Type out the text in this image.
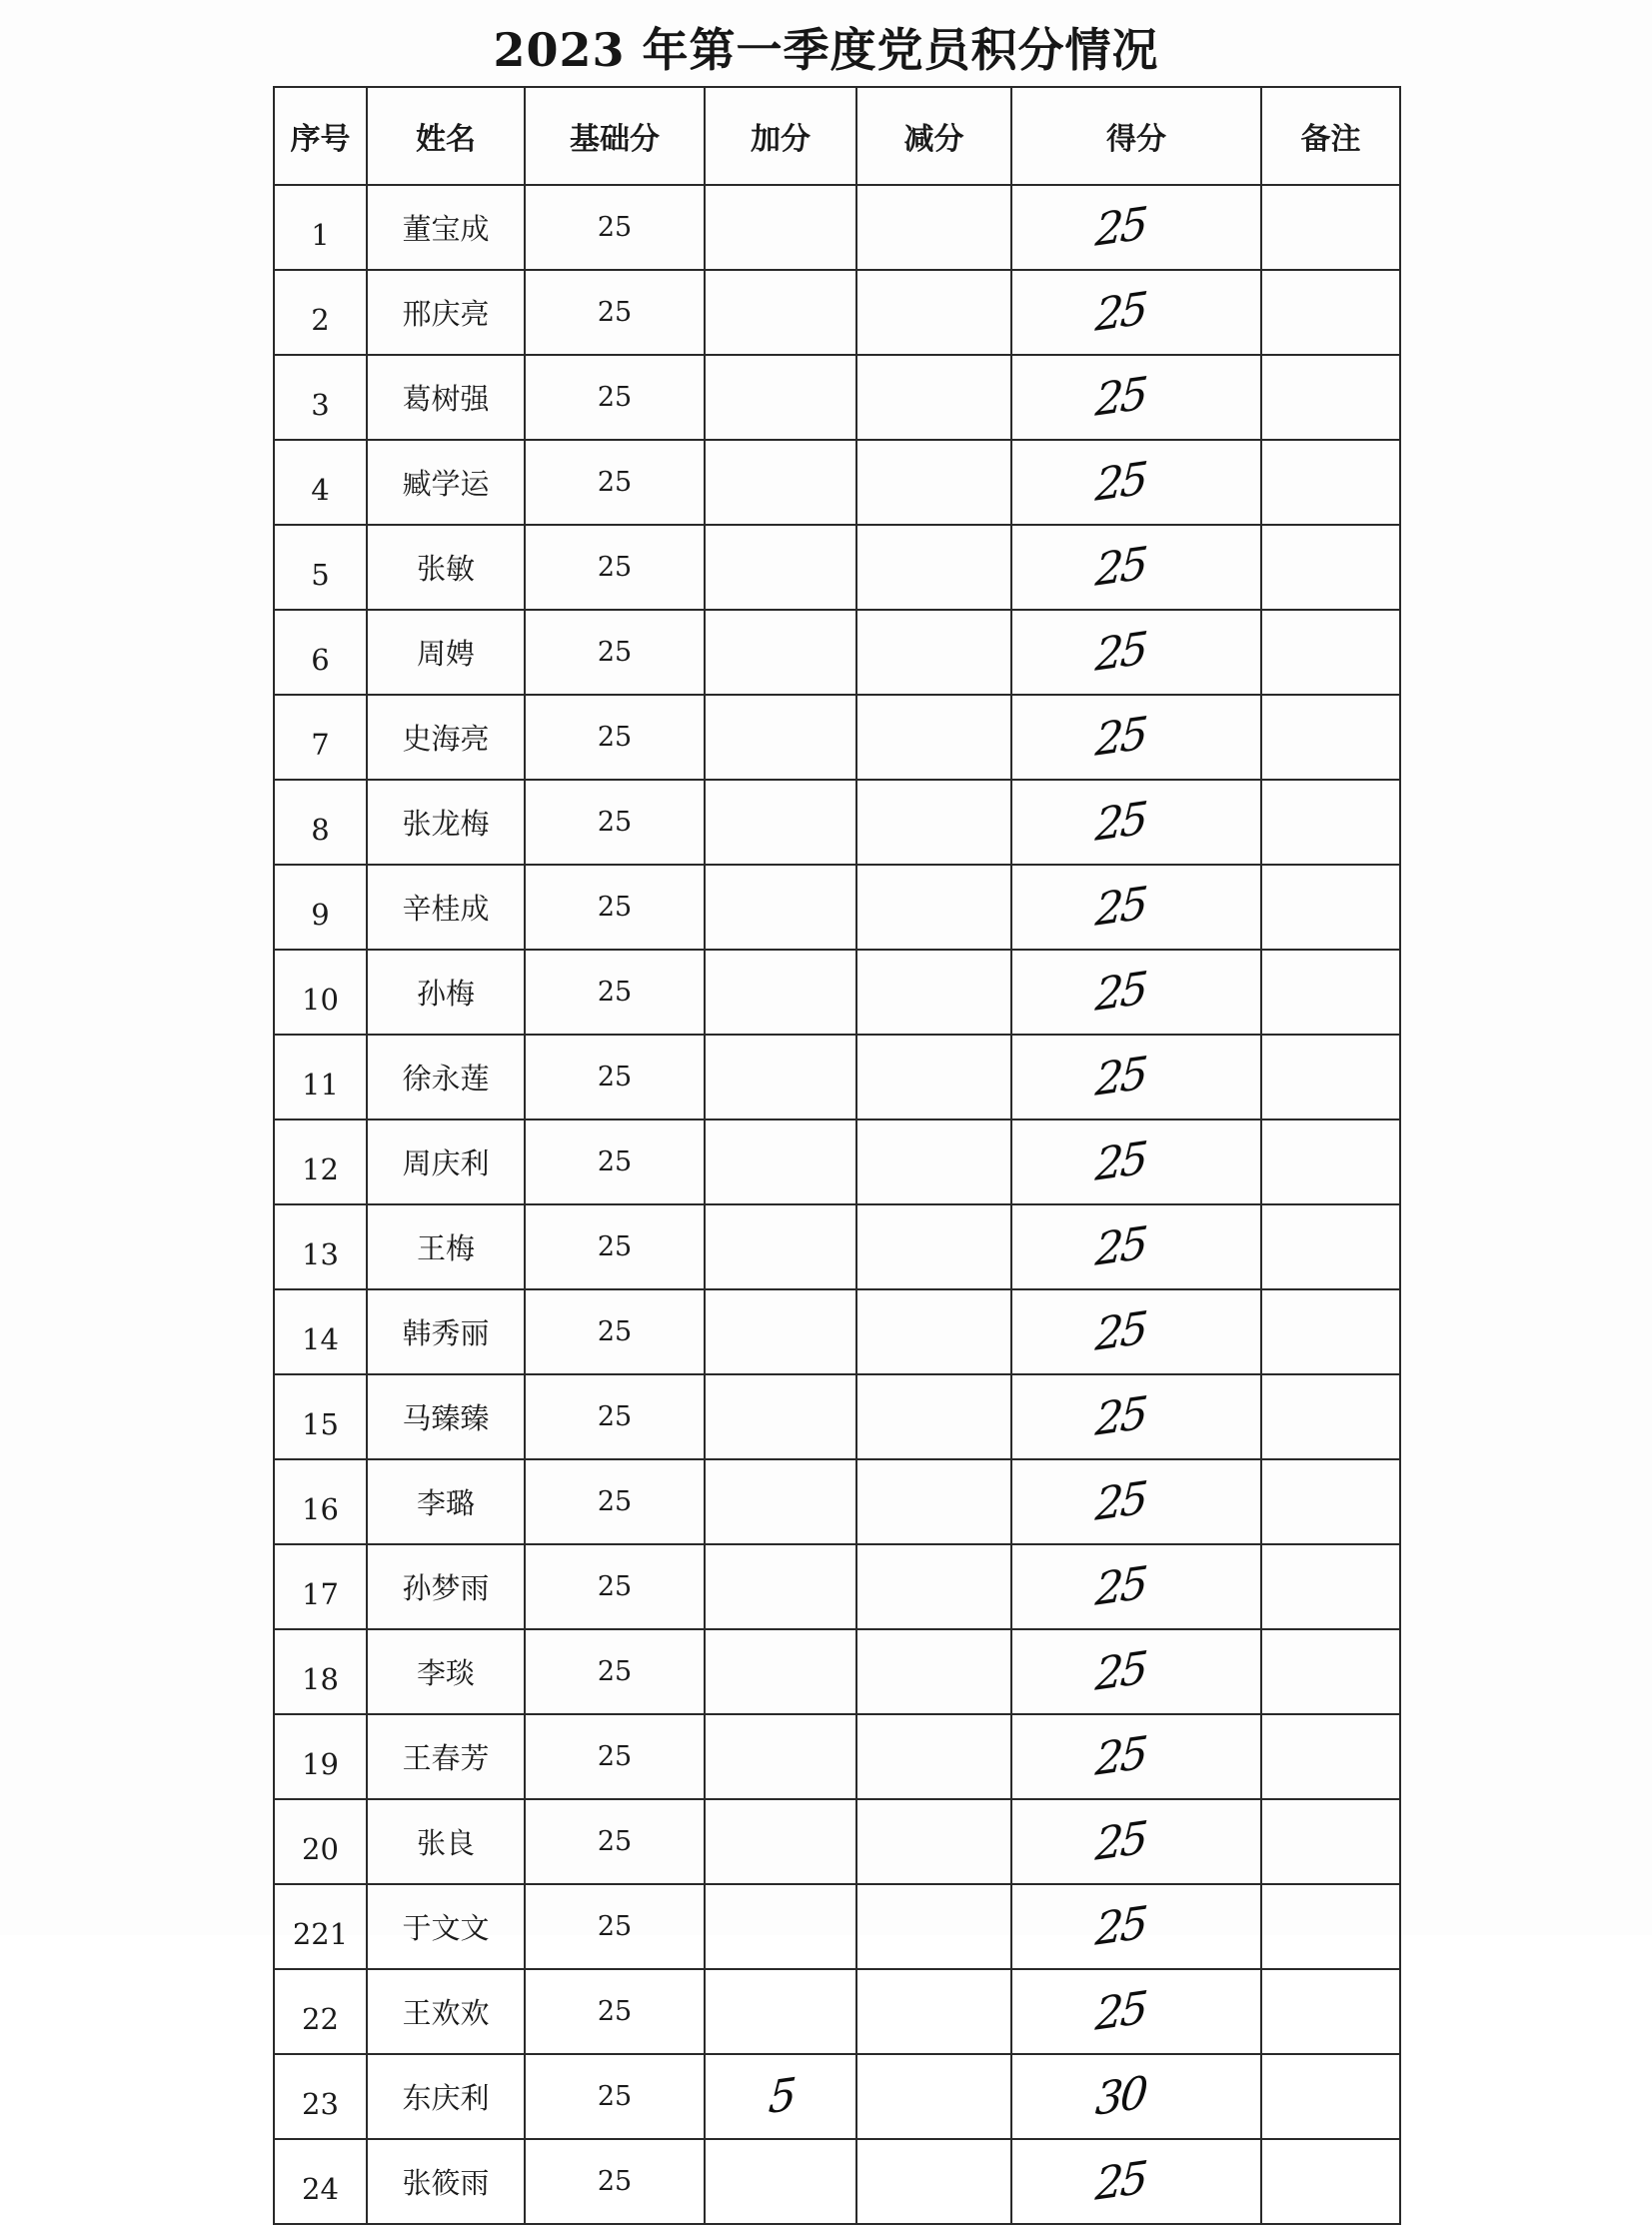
2023 年第一季度党员积分情况
序号	姓名	基础分	加分	减分	得分	备注
1	董宝成	25			25	
2	邢庆亮	25			25	
3	葛树强	25			25	
4	臧学运	25			25	
5	张敏	25			25	
6	周娉	25			25	
7	史海亮	25			25	
8	张龙梅	25			25	
9	辛桂成	25			25	
10	孙梅	25			25	
11	徐永莲	25			25	
12	周庆利	25			25	
13	王梅	25			25	
14	韩秀丽	25			25	
15	马臻臻	25			25	
16	李璐	25			25	
17	孙梦雨	25			25	
18	李琰	25			25	
19	王春芳	25			25	
20	张良	25			25	
221	于文文	25			25	
22	王欢欢	25			25	
23	东庆利	25	5		30	
24	张筱雨	25			25	
